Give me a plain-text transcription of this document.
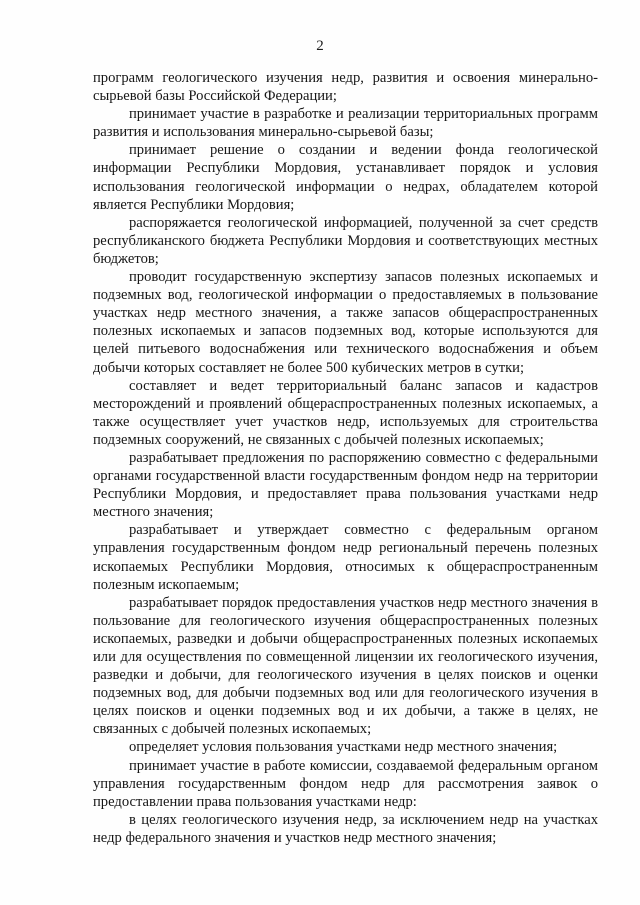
2

программ геологического изучения недр, развития и освоения минерально-сырьевой базы Российской Федерации;

принимает участие в разработке и реализации территориальных программ развития и использования минерально-сырьевой базы;

принимает решение о создании и ведении фонда геологической информации Республики Мордовия, устанавливает порядок и условия использования геологической информации о недрах, обладателем которой является Республики Мордовия;

распоряжается геологической информацией, полученной за счет средств республиканского бюджета Республики Мордовия и соответствующих местных бюджетов;

проводит государственную экспертизу запасов полезных ископаемых и подземных вод, геологической информации о предоставляемых в пользование участках недр местного значения, а также запасов общераспространенных полезных ископаемых и запасов подземных вод, которые используются для целей питьевого водоснабжения или технического водоснабжения и объем добычи которых составляет не более 500 кубических метров в сутки;

составляет и ведет территориальный баланс запасов и кадастров месторождений и проявлений общераспространенных полезных ископаемых, а также осуществляет учет участков недр, используемых для строительства подземных сооружений, не связанных с добычей полезных ископаемых;

разрабатывает предложения по распоряжению совместно с федеральными органами государственной власти государственным фондом недр на территории Республики Мордовия, и предоставляет права пользования участками недр местного значения;

разрабатывает и утверждает совместно с федеральным органом управления государственным фондом недр региональный перечень полезных ископаемых Республики Мордовия, относимых к общераспространенным полезным ископаемым;

разрабатывает порядок предоставления участков недр местного значения в пользование для геологического изучения общераспространенных полезных ископаемых, разведки и добычи общераспространенных полезных ископаемых или для осуществления по совмещенной лицензии их геологического изучения, разведки и добычи, для геологического изучения в целях поисков и оценки подземных вод, для добычи подземных вод или для геологического изучения в целях поисков и оценки подземных вод и их добычи, а также в целях, не связанных с добычей полезных ископаемых;

определяет условия пользования участками недр местного значения;

принимает участие в работе комиссии, создаваемой федеральным органом управления государственным фондом недр для рассмотрения заявок о предоставлении права пользования участками недр:

в целях геологического изучения недр, за исключением недр на участках недр федерального значения и участков недр местного значения;
